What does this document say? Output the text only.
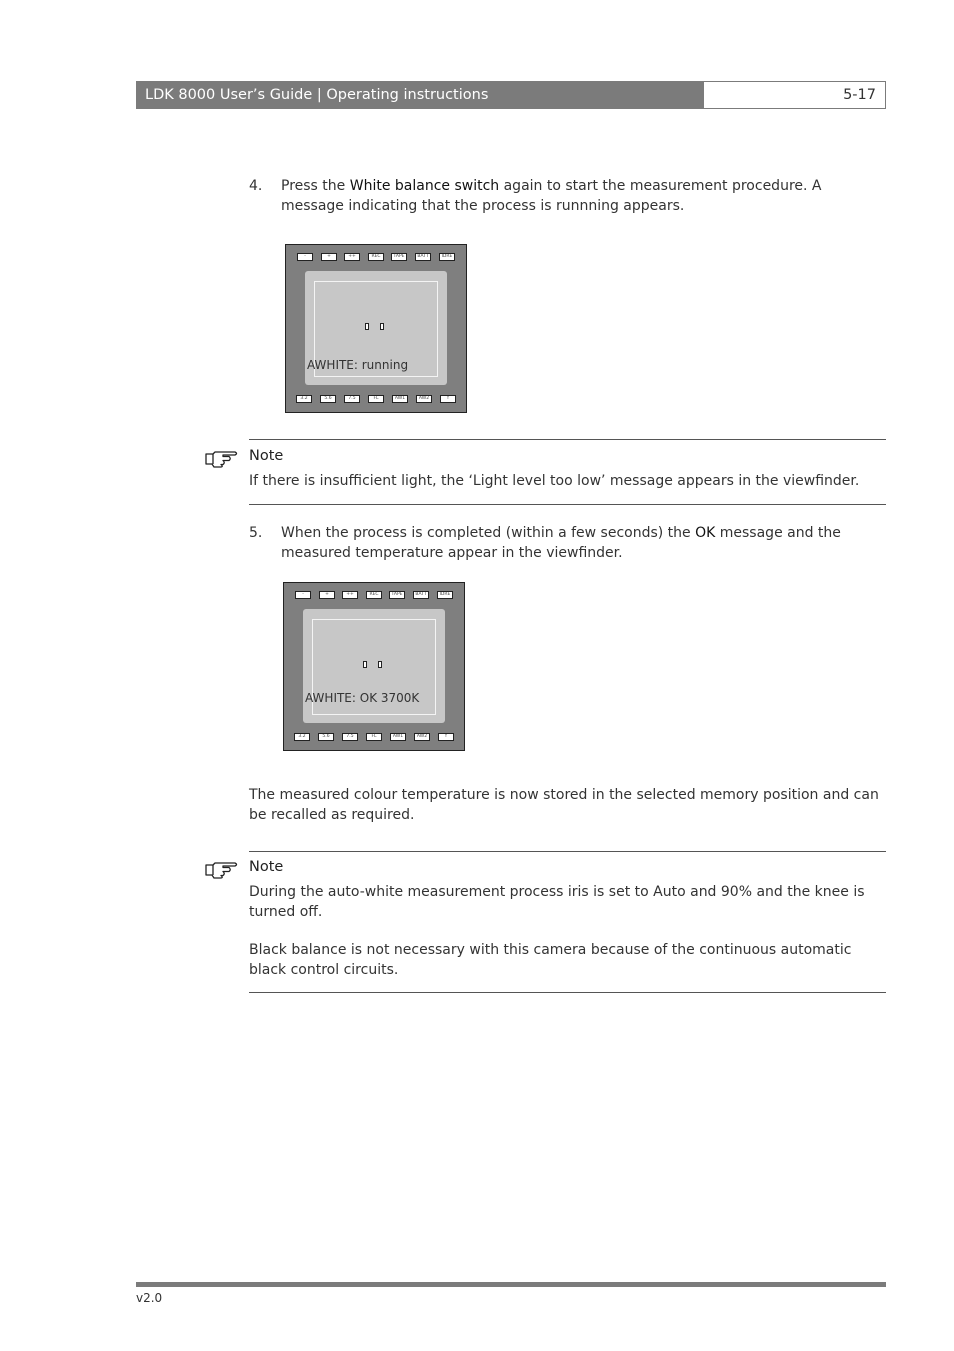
LDK 8000 User’s Guide | Operating instructions	5-17
4. Press the White balance switch again to start the measurement procedure. A message indicating that the process is runnning appears.
-	+	++	REC	TAPE	BATT	IDRE
AWHITE: running
3.2	5.6	7.5	FL	AW1	AW2	f
Note
If there is insufficient light, the ‘Light level too low’ message appears in the viewfinder.
5. When the process is completed (within a few seconds) the OK message and the measured temperature appear in the viewfinder.
-	+	++	REC	TAPE	BATT	IDRE
AWHITE: OK 3700K
3.2	5.6	7.5	FL	AW1	AW2	f
The measured colour temperature is now stored in the selected memory position and can be recalled as required.
Note
During the auto-white measurement process iris is set to Auto and 90% and the knee is turned off.
Black balance is not necessary with this camera because of the continuous automatic black control circuits.
v2.0
